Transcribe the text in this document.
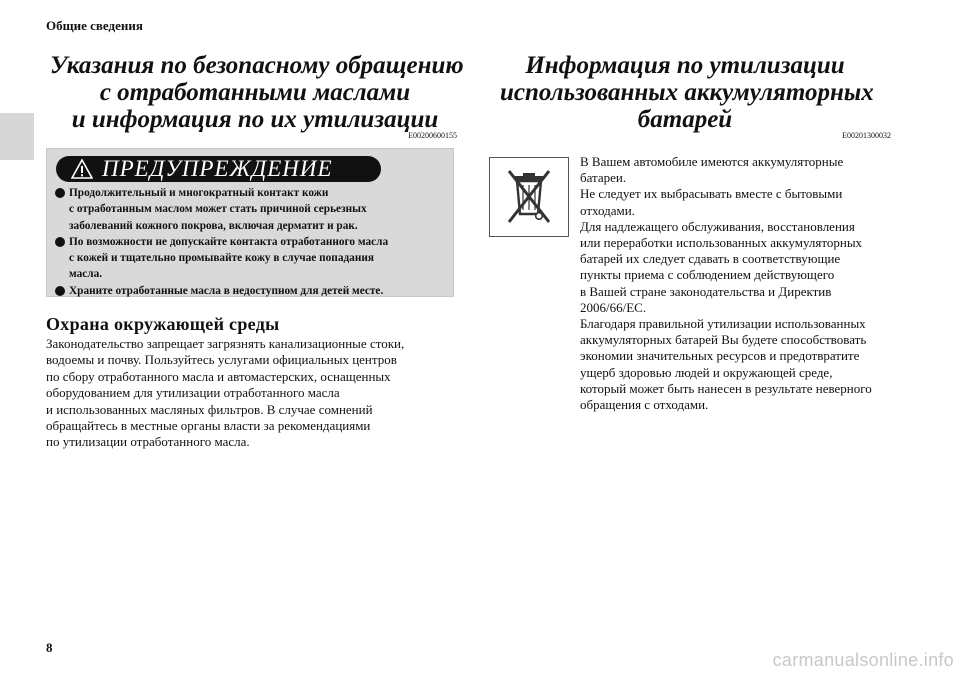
Общие сведения
Указания по безопасному обращению
с отработанными маслами
и информация по их утилизации
E00200600155
ПРЕДУПРЕЖДЕНИЕ
Продолжительный и многократный контакт кожи
с отработанным маслом может стать причиной серьезных
заболеваний кожного покрова, включая дерматит и рак.
По возможности не допускайте контакта отработанного масла
с кожей и тщательно промывайте кожу в случае попадания
масла.
Храните отработанные масла в недоступном для детей месте.
Охрана окружающей среды
Законодательство запрещает загрязнять канализационные стоки,
водоемы и почву. Пользуйтесь услугами официальных центров
по сбору отработанного масла и автомастерских, оснащенных
оборудованием для утилизации отработанного масла
и использованных масляных фильтров. В случае сомнений
обращайтесь в местные органы власти за рекомендациями
по утилизации отработанного масла.
Информация по утилизации
использованных аккумуляторных
батарей
E00201300032
В Вашем автомобиле имеются аккумуляторные
батареи.
Не следует их выбрасывать вместе с бытовыми
отходами.
Для надлежащего обслуживания, восстановления
или переработки использованных аккумуляторных
батарей их следует сдавать в соответствующие
пункты приема с соблюдением действующего
в Вашей стране законодательства и Директив
2006/66/ЕС.
Благодаря правильной утилизации использованных
аккумуляторных батарей Вы будете способствовать
экономии значительных ресурсов и предотвратите
ущерб здоровью людей и окружающей среде,
который может быть нанесен в результате неверного
обращения с отходами.
8
carmanualsonline.info
